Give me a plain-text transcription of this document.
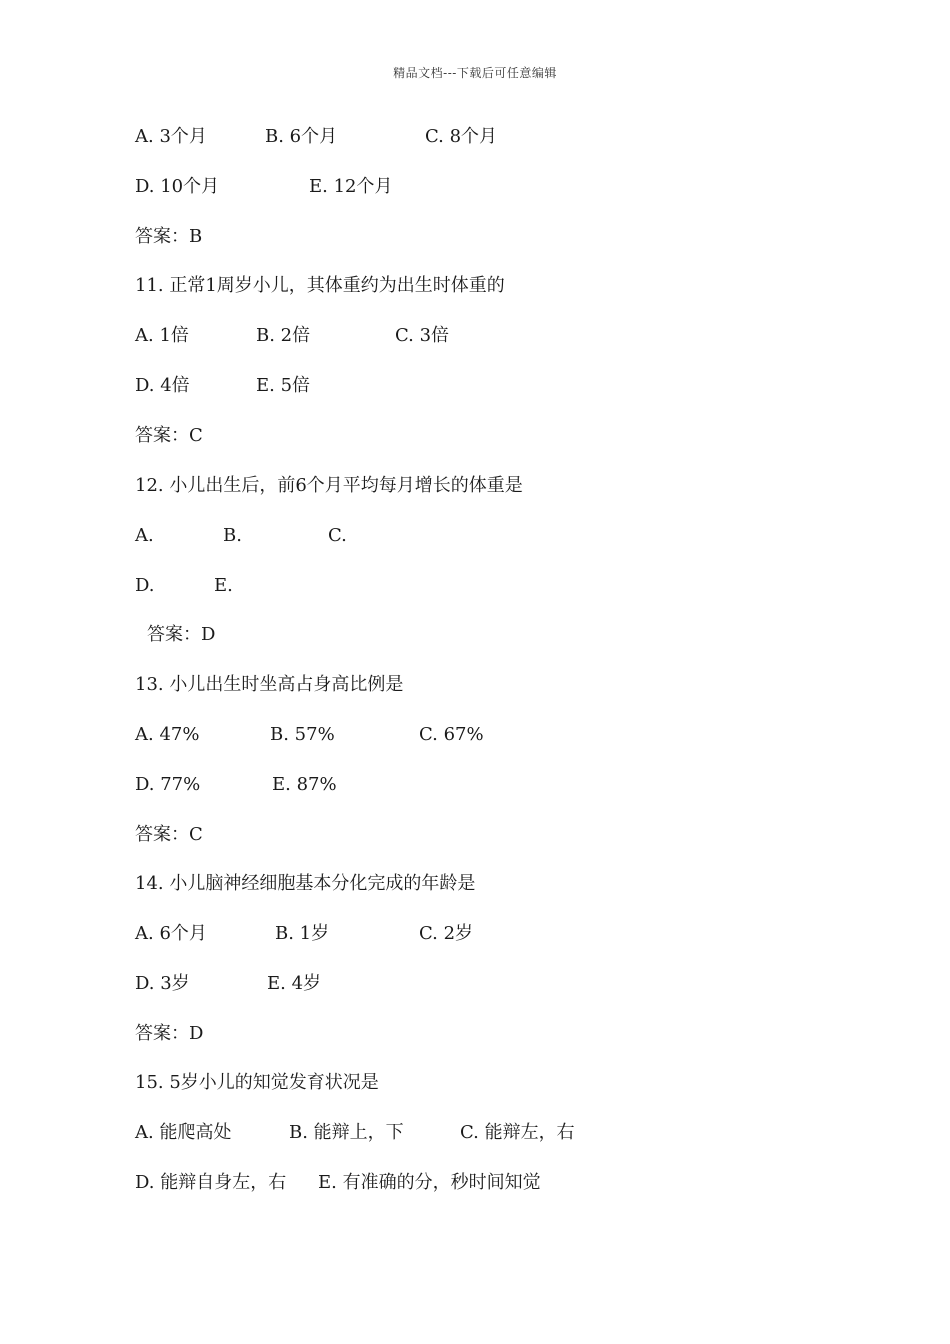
精品文档---下载后可任意编辑
A. 3个月	B. 6个月	C. 8个月
D. 10个月	E. 12个月
答案：B
11. 正常1周岁小儿，其体重约为出生时体重的
A. 1倍	B. 2倍	C. 3倍
D. 4倍	E. 5倍
答案：C
12. 小儿出生后，前6个月平均每月增长的体重是
A.	B.	C.
D.	E.
答案：D
13. 小儿出生时坐高占身高比例是
A. 47%	B. 57%	C. 67%
D. 77%	E. 87%
答案：C
14. 小儿脑神经细胞基本分化完成的年龄是
A. 6个月	B. 1岁	C. 2岁
D. 3岁	E. 4岁
答案：D
15. 5岁小儿的知觉发育状况是
A. 能爬高处	B. 能辩上，下	C. 能辩左，右
D. 能辩自身左，右 E. 有准确的分，秒时间知觉
